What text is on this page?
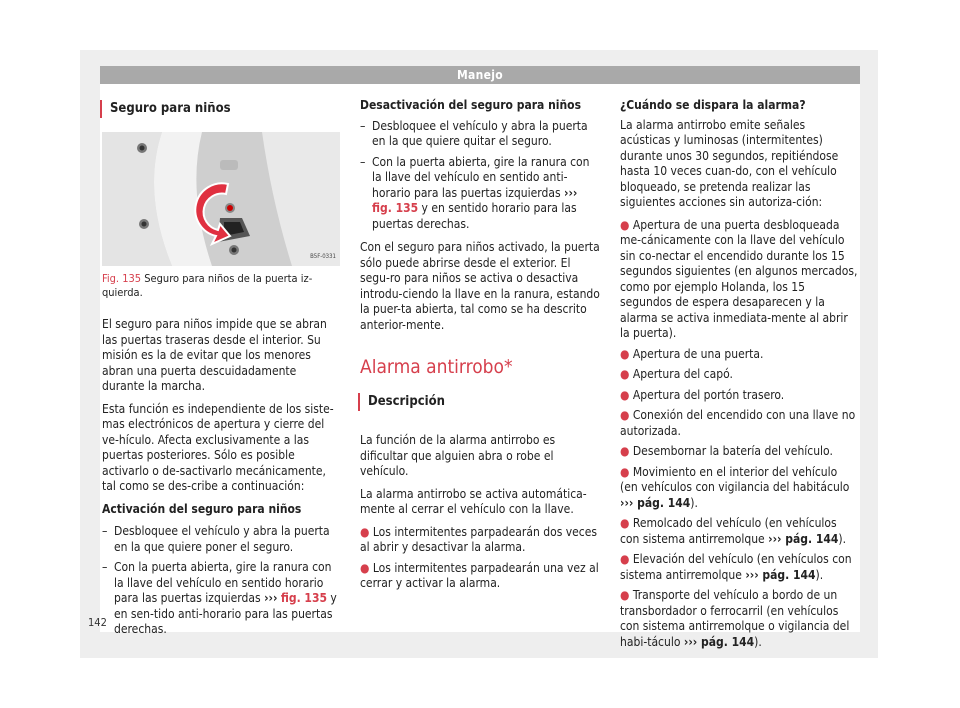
Manejo
Seguro para niños
B5F-0331
Fig. 135 Seguro para niños de la puerta iz-quierda.

El seguro para niños impide que se abran las puertas traseras desde el interior. Su misión es la de evitar que los menores abran una puerta descuidadamente durante la marcha.

Esta función es independiente de los siste-mas electrónicos de apertura y cierre del ve-hículo. Afecta exclusivamente a las puertas posteriores. Sólo es posible activarlo o de-sactivarlo mecánicamente, tal como se des-cribe a continuación:

Activación del seguro para niños

– Desbloquee el vehículo y abra la puerta en la que quiere poner el seguro.
– Con la puerta abierta, gire la ranura con la llave del vehículo en sentido horario para las puertas izquierdas ››› fig. 135 y en sen-tido anti-horario para las puertas derechas.

Desactivación del seguro para niños

– Desbloquee el vehículo y abra la puerta en la que quiere quitar el seguro.
– Con la puerta abierta, gire la ranura con la llave del vehículo en sentido anti-horario para las puertas izquierdas ››› fig. 135 y en sentido horario para las puertas derechas.

Con el seguro para niños activado, la puerta sólo puede abrirse desde el exterior. El segu-ro para niños se activa o desactiva introdu-ciendo la llave en la ranura, estando la puer-ta abierta, tal como se ha descrito anterior-mente.

Alarma antirrobo*
Descripción

La función de la alarma antirrobo es dificultar que alguien abra o robe el vehículo.

La alarma antirrobo se activa automática-mente al cerrar el vehículo con la llave.

● Los intermitentes parpadearán dos veces al abrir y desactivar la alarma.
● Los intermitentes parpadearán una vez al cerrar y activar la alarma.

¿Cuándo se dispara la alarma?

La alarma antirrobo emite señales acústicas y luminosas (intermitentes) durante unos 30 segundos, repitiéndose hasta 10 veces cuan-do, con el vehículo bloqueado, se pretenda realizar las siguientes acciones sin autoriza-ción:

● Apertura de una puerta desbloqueada me-cánicamente con la llave del vehículo sin co-nectar el encendido durante los 15 segundos siguientes (en algunos mercados, como por ejemplo Holanda, los 15 segundos de espera desaparecen y la alarma se activa inmediata-mente al abrir la puerta).
● Apertura de una puerta.
● Apertura del capó.
● Apertura del portón trasero.
● Conexión del encendido con una llave no autorizada.
● Desembornar la batería del vehículo.
● Movimiento en el interior del vehículo (en vehículos con vigilancia del habitáculo ››› pág. 144).
● Remolcado del vehículo (en vehículos con sistema antirremolque ››› pág. 144).
● Elevación del vehículo (en vehículos con sistema antirremolque ››› pág. 144).
● Transporte del vehículo a bordo de un transbordador o ferrocarril (en vehículos con sistema antirremolque o vigilancia del habi-táculo ››› pág. 144).
142
